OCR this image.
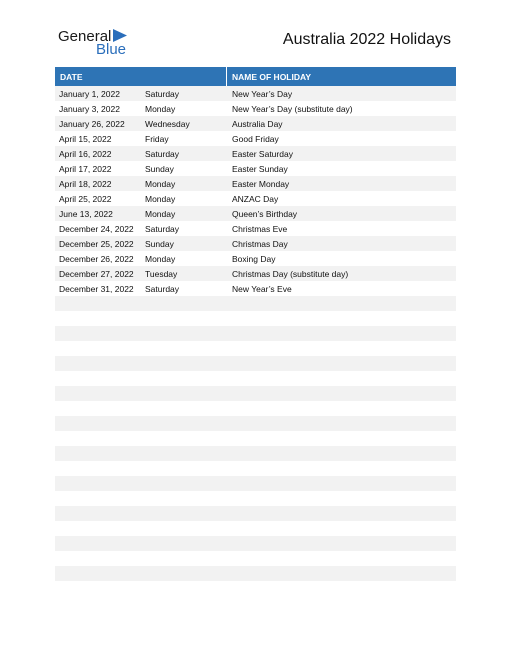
General
Blue
Australia 2022 Holidays
DATE	NAME OF HOLIDAY
January 1, 2022	Saturday	New Year’s Day
January 3, 2022	Monday	New Year’s Day (substitute day)
January 26, 2022	Wednesday	Australia Day
April 15, 2022	Friday	Good Friday
April 16, 2022	Saturday	Easter Saturday
April 17, 2022	Sunday	Easter Sunday
April 18, 2022	Monday	Easter Monday
April 25, 2022	Monday	ANZAC Day
June 13, 2022	Monday	Queen’s Birthday
December 24, 2022	Saturday	Christmas Eve
December 25, 2022	Sunday	Christmas Day
December 26, 2022	Monday	Boxing Day
December 27, 2022	Tuesday	Christmas Day (substitute day)
December 31, 2022	Saturday	New Year’s Eve
